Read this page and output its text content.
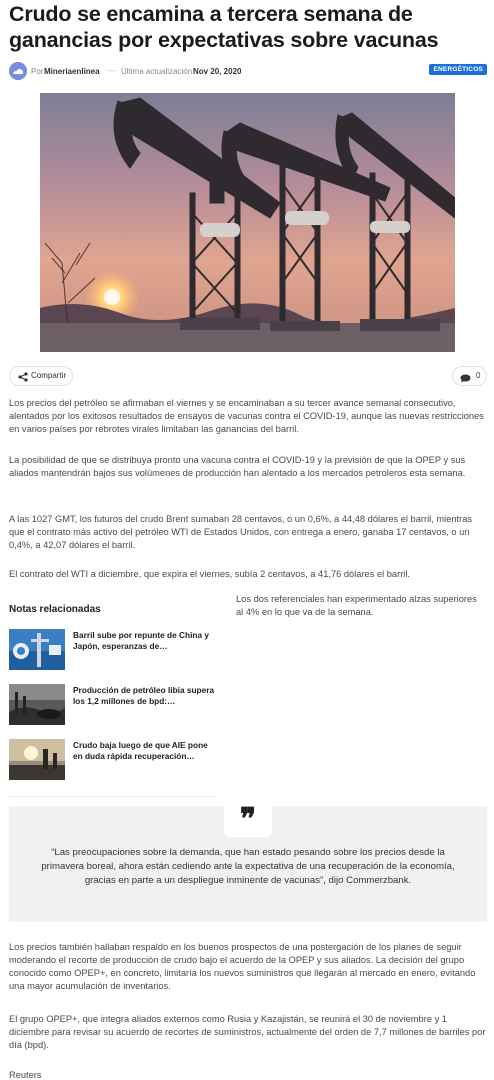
Crudo se encamina a tercera semana de ganancias por expectativas sobre vacunas
Por Mineriaenlinea — Última actualización Nov 20, 2020	ENERGÉTICOS
Compartir	0
Los precios del petróleo se afirmaban el viernes y se encaminaban a su tercer avance semanal consecutivo, alentados por los exitosos resultados de ensayos de vacunas contra el COVID-19, aunque las nuevas restricciones en varios países por rebrotes virales limitaban las ganancias del barril.
La posibilidad de que se distribuya pronto una vacuna contra el COVID-19 y la previsión de que la OPEP y sus aliados mantendrán bajos sus volúmenes de producción han alentado a los mercados petroleros esta semana.
A las 1027 GMT, los futuros del crudo Brent sumaban 28 centavos, o un 0,6%, a 44,48 dólares el barril, mientras que el contrato más activo del petróleo WTI de Estados Unidos, con entrega a enero, ganaba 17 centavos, o un 0,4%, a 42,07 dólares el barril.
El contrato del WTI a diciembre, que expira el viernes, subía 2 centavos, a 41,76 dólares el barril.
Notas relacionadas
Barril sube por repunte de China y Japón, esperanzas de…
Producción de petróleo libia supera los 1,2 millones de bpd:…
Crudo baja luego de que AIE pone en duda rápida recuperación…
Los dos referenciales han experimentado alzas superiores al 4% en lo que va de la semana.
❞
“Las preocupaciones sobre la demanda, que han estado pesando sobre los precios desde la primavera boreal, ahora están cediendo ante la expectativa de una recuperación de la economía, gracias en parte a un despliegue inminente de vacunas”, dijo Commerzbank.
Los precios también hallaban respaldo en los buenos prospectos de una postergación de los planes de seguir moderando el recorte de producción de crudo bajo el acuerdo de la OPEP y sus aliados. La decisión del grupo conocido como OPEP+, en concreto, limitaría los nuevos suministros que llegarán al mercado en enero, evitando una mayor acumulación de inventarios.
El grupo OPEP+, que integra aliados externos como Rusia y Kazajistán, se reunirá el 30 de noviembre y 1 diciembre para revisar su acuerdo de recortes de suministros, actualmente del orden de 7,7 millones de barriles por día (bpd).
Reuters
